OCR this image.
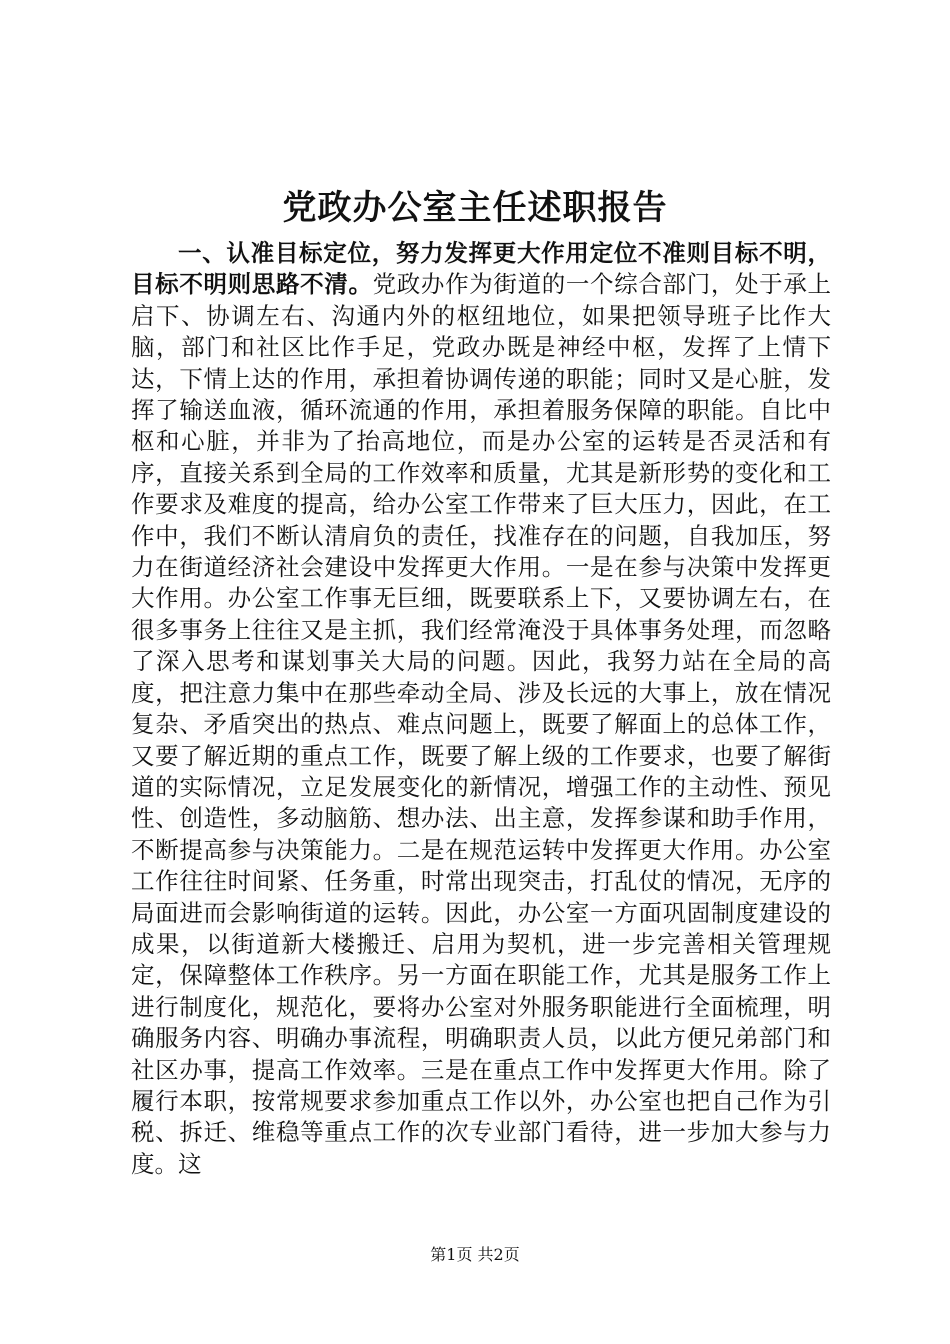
党政办公室主任述职报告

一、认准目标定位，努力发挥更大作用定位不准则目标不明，目标不明则思路不清。党政办作为街道的一个综合部门，处于承上启下、协调左右、沟通内外的枢纽地位，如果把领导班子比作大脑，部门和社区比作手足，党政办既是神经中枢，发挥了上情下达，下情上达的作用，承担着协调传递的职能；同时又是心脏，发挥了输送血液，循环流通的作用，承担着服务保障的职能。自比中枢和心脏，并非为了抬高地位，而是办公室的运转是否灵活和有序，直接关系到全局的工作效率和质量，尤其是新形势的变化和工作要求及难度的提高，给办公室工作带来了巨大压力，因此，在工作中，我们不断认清肩负的责任，找准存在的问题，自我加压，努力在街道经济社会建设中发挥更大作用。一是在参与决策中发挥更大作用。办公室工作事无巨细，既要联系上下，又要协调左右，在很多事务上往往又是主抓，我们经常淹没于具体事务处理，而忽略了深入思考和谋划事关大局的问题。因此，我努力站在全局的高度，把注意力集中在那些牵动全局、涉及长远的大事上，放在情况复杂、矛盾突出的热点、难点问题上，既要了解面上的总体工作，又要了解近期的重点工作，既要了解上级的工作要求，也要了解街道的实际情况，立足发展变化的新情况，增强工作的主动性、预见性、创造性，多动脑筋、想办法、出主意，发挥参谋和助手作用，不断提高参与决策能力。二是在规范运转中发挥更大作用。办公室工作往往时间紧、任务重，时常出现突击，打乱仗的情况，无序的局面进而会影响街道的运转。因此，办公室一方面巩固制度建设的成果，以街道新大楼搬迁、启用为契机，进一步完善相关管理规定，保障整体工作秩序。另一方面在职能工作，尤其是服务工作上进行制度化，规范化，要将办公室对外服务职能进行全面梳理，明确服务内容、明确办事流程，明确职责人员，以此方便兄弟部门和社区办事，提高工作效率。三是在重点工作中发挥更大作用。除了履行本职，按常规要求参加重点工作以外，办公室也把自己作为引税、拆迁、维稳等重点工作的次专业部门看待，进一步加大参与力度。这

第1页 共2页
